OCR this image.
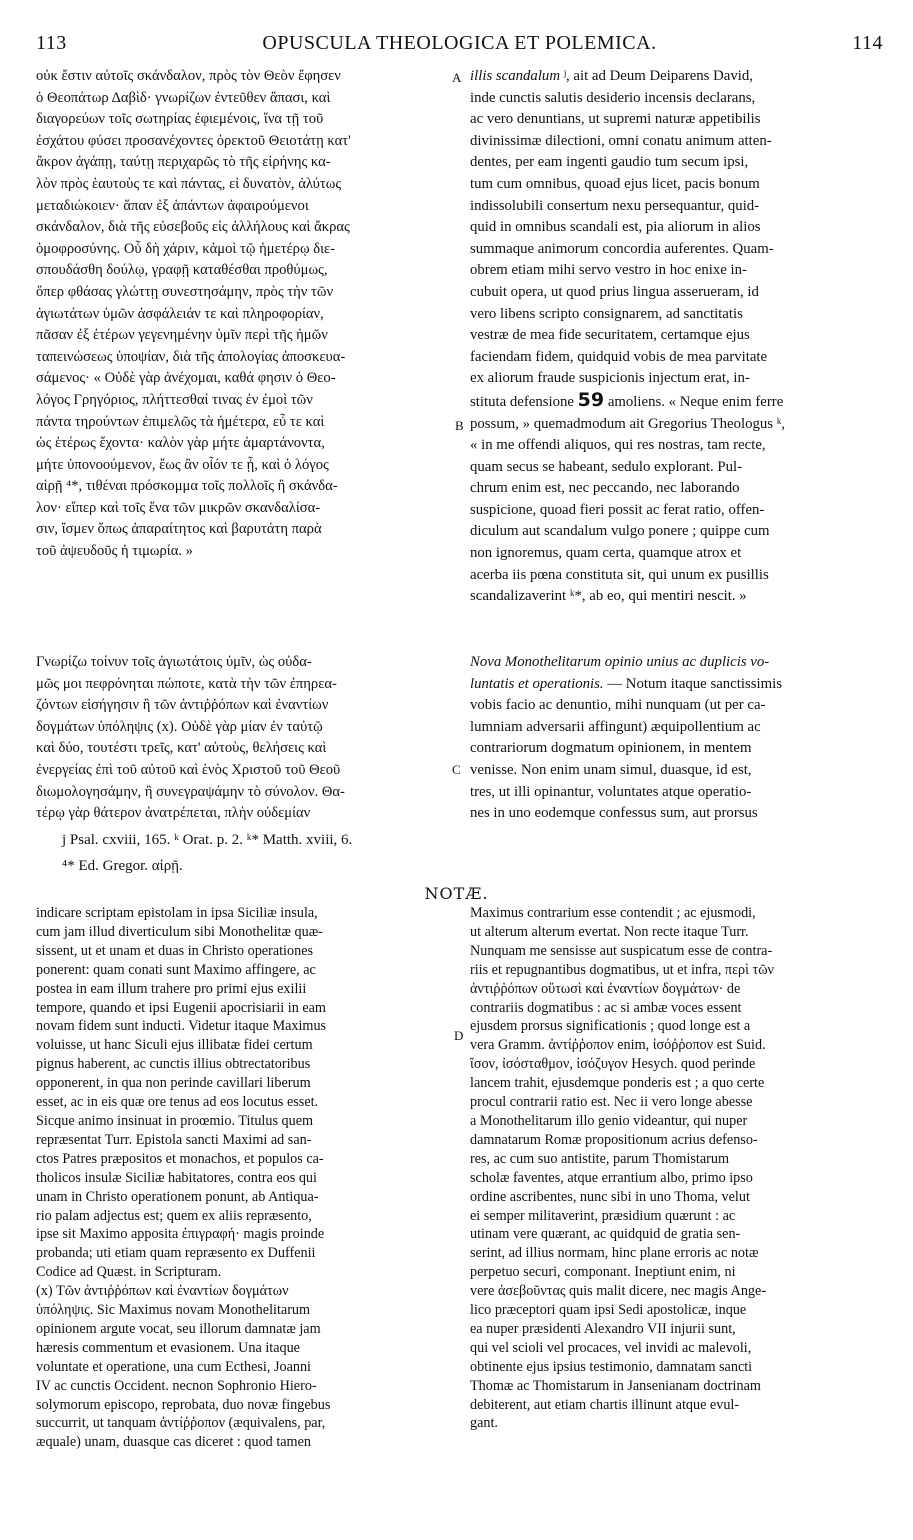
113	OPUSCULA THEOLOGICA ET POLEMICA.	114
οὐκ ἔστιν αὐτοῖς σκάνδαλον, πρὸς τὸν Θεὸν ἔφησεν
ὁ Θεοπάτωρ Δαβὶδ· γνωρίζων ἐντεῦθεν ἅπασι, καὶ
διαγορεύων τοῖς σωτηρίας ἐφιεμένοις, ἵνα τῇ τοῦ
ἐσχάτου φύσει προσανέχοντες ὀρεκτοῦ Θειοτάτῃ κατ'
ἄκρον ἀγάπῃ, ταύτῃ περιχαρῶς τὸ τῆς εἰρήνης κα-
λὸν πρὸς ἑαυτοὺς τε καὶ πάντας, εἰ δυνατὸν, ἀλύτως
μεταδιώκοιεν· ἅπαν ἐξ ἁπάντων ἀφαιρούμενοι
σκάνδαλον, διὰ τῆς εὐσεβοῦς εἰς ἀλλήλους καὶ ἄκρας
ὁμοφροσύνης. Οὗ δὴ χάριν, κἀμοὶ τῷ ἡμετέρῳ διε-
σπουδάσθη δούλῳ, γραφῇ καταθέσθαι προθύμως,
ὅπερ φθάσας γλώττῃ συνεστησάμην, πρὸς τὴν τῶν
ἁγιωτάτων ὑμῶν ἀσφάλειάν τε καὶ πληροφορίαν,
πᾶσαν ἐξ ἑτέρων γεγενημένην ὑμῖν περὶ τῆς ἡμῶν
ταπεινώσεως ὑποψίαν, διὰ τῆς ἀπολογίας ἀποσκευα-
σάμενος· « Οὐδὲ γὰρ ἀνέχομαι, καθά φησιν ὁ Θεο-
λόγος Γρηγόριος, πλήττεσθαί τινας ἐν ἐμοὶ τῶν
πάντα τηρούντων ἐπιμελῶς τὰ ἡμέτερα, εὖ τε καὶ
ὡς ἑτέρως ἔχοντα· καλὸν γὰρ μήτε ἁμαρτάνοντα,
μήτε ὑπονοούμενον, ἕως ἂν οἷόν τε ᾖ, καὶ ὁ λόγος
αἱρῇ ⁴*, τιθέναι πρόσκομμα τοῖς πολλοῖς ἢ σκάνδα-
λον· εἴπερ καὶ τοῖς ἕνα τῶν μικρῶν σκανδαλίσα-
σιν, ἴσμεν ὅπως ἀπαραίτητος καὶ βαρυτάτη παρὰ
τοῦ ἀψευδοῦς ἡ τιμωρία. »
illis scandalum ʲ, ait ad Deum Deiparens David,
inde cunctis salutis desiderio incensis declarans,
ac vero denuntians, ut supremi naturæ appetibilis
divinissimæ dilectioni, omni conatu animum atten-
dentes, per eam ingenti gaudio tum secum ipsi,
tum cum omnibus, quoad ejus licet, pacis bonum
indissolubili consertum nexu persequantur, quid-
quid in omnibus scandali est, pia aliorum in alios
summaque animorum concordia auferentes. Quam-
obrem etiam mihi servo vestro in hoc enixe in-
cubuit opera, ut quod prius lingua asserueram, id
vero libens scripto consignarem, ad sanctitatis
vestræ de mea fide securitatem, certamque ejus
faciendam fidem, quidquid vobis de mea parvitate
ex aliorum fraude suspicionis injectum erat, in-
stituta defensione 59 amoliens. « Neque enim ferre
possum, » quemadmodum ait Gregorius Theologus ᵏ,
« in me offendi aliquos, qui res nostras, tam recte,
quam secus se habeant, sedulo explorant. Pul-
chrum enim est, nec peccando, nec laborando
suspicione, quoad fieri possit ac ferat ratio, offen-
diculum aut scandalum vulgo ponere ; quippe cum
non ignoremus, quam certa, quamque atrox et
acerba iis pœna constituta sit, qui unum ex pusillis
scandalizaverint ᵏ*, ab eo, qui mentiri nescit. »
A
B
C
D
Γνωρίζω τοίνυν τοῖς ἁγιωτάτοις ὑμῖν, ὡς οὐδα-
μῶς μοι πεφρόνηται πώποτε, κατὰ τὴν τῶν ἐπηρεα-
ζόντων εἰσήγησιν ἢ τῶν ἀντιῤῥόπων καὶ ἐναντίων
δογμάτων ὑπόληψις (x). Οὐδὲ γὰρ μίαν ἐν ταὐτῷ
καὶ δύο, τουτέστι τρεῖς, κατ' αὐτοὺς, θελήσεις καὶ
ἐνεργείας ἐπὶ τοῦ αὐτοῦ καὶ ἑνὸς Χριστοῦ τοῦ Θεοῦ
διωμολογησάμην, ἢ συνεγραψάμην τὸ σύνολον. Θα-
τέρῳ γὰρ θάτερον ἀνατρέπεται, πλὴν οὐδεμίαν
Nova Monothelitarum opinio unius ac duplicis vo-
luntatis et operationis. — Notum itaque sanctissimis
vobis facio ac denuntio, mihi nunquam (ut per ca-
lumniam adversarii affingunt) æquipollentium ac
contrariorum dogmatum opinionem, in mentem
venisse. Non enim unam simul, duasque, id est,
tres, ut illi opinantur, voluntates atque operatio-
nes in uno eodemque confessus sum, aut prorsus
j Psal. cxviii, 165. ᵏ Orat. p. 2. ᵏ* Matth. xviii, 6.
⁴* Ed. Gregor. αἱρῇ.
NOTÆ.
indicare scriptam epistolam in ipsa Siciliæ insula,
cum jam illud diverticulum sibi Monothelitæ quæ-
sissent, ut et unam et duas in Christo operationes
ponerent: quam conati sunt Maximo affingere, ac
postea in eam illum trahere pro primi ejus exilii
tempore, quando et ipsi Eugenii apocrisiarii in eam
novam fidem sunt inducti. Videtur itaque Maximus
voluisse, ut hanc Siculi ejus illibatæ fidei certum
pignus haberent, ac cunctis illius obtrectatoribus
opponerent, in qua non perinde cavillari liberum
esset, ac in eis quæ ore tenus ad eos locutus esset.
Sicque animo insinuat in proœmio. Titulus quem
repræsentat Turr. Epistola sancti Maximi ad san-
ctos Patres præpositos et monachos, et populos ca-
tholicos insulæ Siciliæ habitatores, contra eos qui
unam in Christo operationem ponunt, ab Antiqua-
rio palam adjectus est; quem ex aliis repræsento,
ipse sit Maximo apposita ἐπιγραφή· magis proinde
probanda; uti etiam quam repræsento ex Duffenii
Codice ad Quæst. in Scripturam.
(x) Τῶν ἀντιῤῥόπων καὶ ἐναντίων δογμάτων
ὑπόληψις. Sic Maximus novam Monothelitarum
opinionem argute vocat, seu illorum damnatæ jam
hæresis commentum et evasionem. Una itaque
voluntate et operatione, una cum Ecthesi, Joanni
IV ac cunctis Occident. necnon Sophronio Hiero-
solymorum episcopo, reprobata, duo novæ fingebus
succurrit, ut tanquam ἀντίῤῥοπον (æquivalens, par,
æquale) unam, duasque cas diceret : quod tamen
Maximus contrarium esse contendit ; ac ejusmodi,
ut alterum alterum evertat. Non recte itaque Turr.
Nunquam me sensisse aut suspicatum esse de contra-
riis et repugnantibus dogmatibus, ut et infra, περὶ τῶν
ἀντιῤῥόπων οὕτωσὶ καὶ ἐναντίων δογμάτων· de
contrariis dogmatibus : ac si ambæ voces essent
ejusdem prorsus significationis ; quod longe est a
vera Gramm. ἀντίῤῥοπον enim, ἰσόῤῥοπον est Suid.
ἴσον, ἰσόσταθμον, ἰσόζυγον Hesych. quod perinde
lancem trahit, ejusdemque ponderis est ; a quo certe
procul contrarii ratio est. Nec ii vero longe abesse
a Monothelitarum illo genio videantur, qui nuper
damnatarum Romæ propositionum acrius defenso-
res, ac cum suo antistite, parum Thomistarum
scholæ faventes, atque errantium albo, primo ipso
ordine ascribentes, nunc sibi in uno Thoma, velut
ei semper militaverint, præsidium quærunt : ac
utinam vere quærant, ac quidquid de gratia sen-
serint, ad illius normam, hinc plane erroris ac notæ
perpetuo securi, componant. Ineptiunt enim, ni
vere ἀσεβοῦντας quis malit dicere, nec magis Ange-
lico præceptori quam ipsi Sedi apostolicæ, inque
ea nuper præsidenti Alexandro VII injurii sunt,
qui vel scioli vel procaces, vel invidi ac malevoli,
obtinente ejus ipsius testimonio, damnatam sancti
Thomæ ac Thomistarum in Jansenianam doctrinam
debiterent, aut etiam chartis illinunt atque evul-
gant.
